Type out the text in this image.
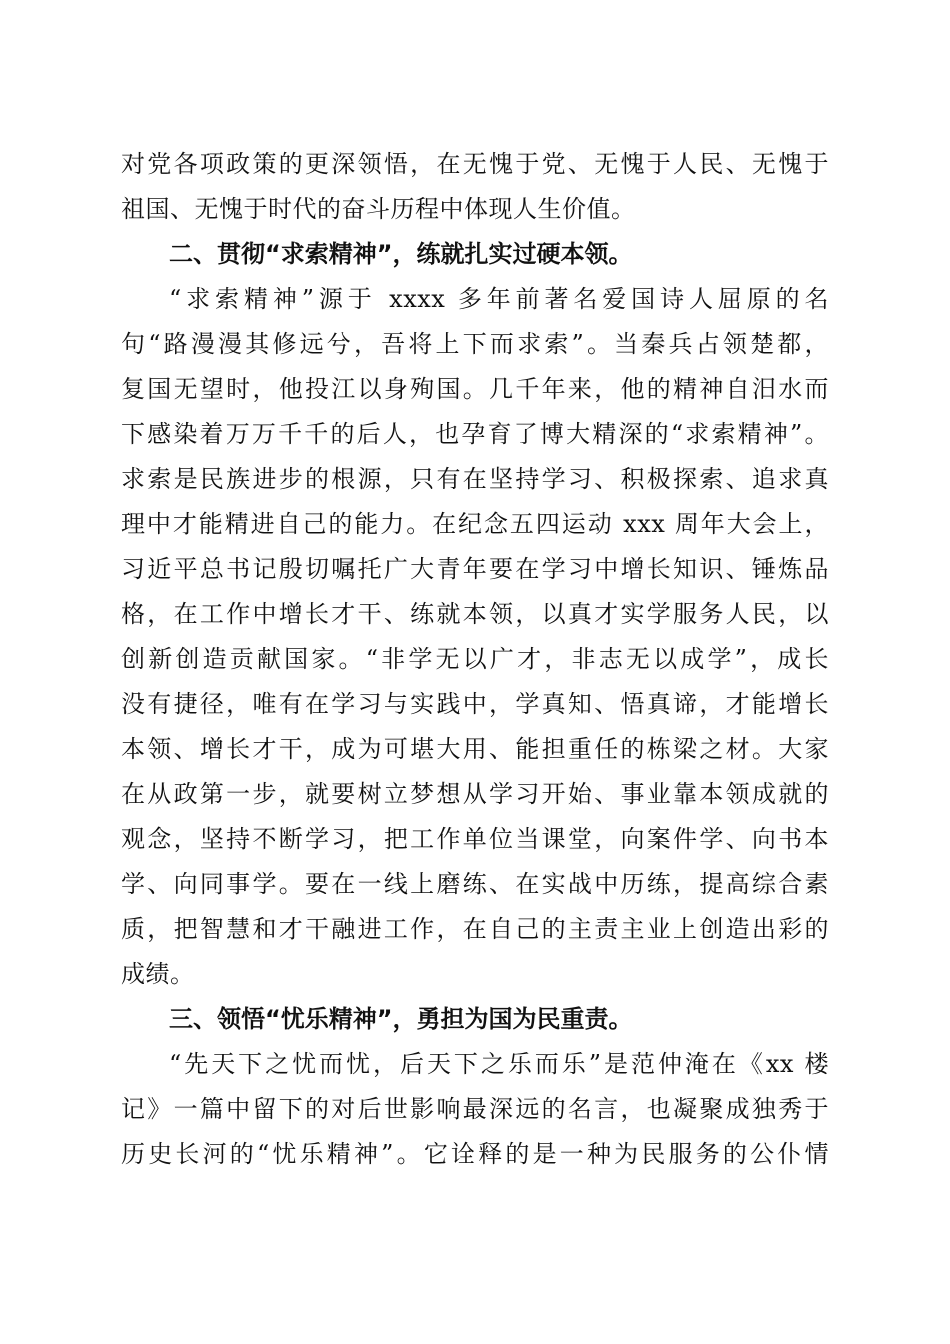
对党各项政策的更深领悟，在无愧于党、无愧于人民、无愧于
祖国、无愧于时代的奋斗历程中体现人生价值。
二、贯彻“求索精神”，练就扎实过硬本领。
“求索精神”源于 xxxx 多年前著名爱国诗人屈原的名
句“路漫漫其修远兮，吾将上下而求索”。当秦兵占领楚都，
复国无望时，他投江以身殉国。几千年来，他的精神自汨水而
下感染着万万千千的后人，也孕育了博大精深的“求索精神”。
求索是民族进步的根源，只有在坚持学习、积极探索、追求真
理中才能精进自己的能力。在纪念五四运动 xxx 周年大会上，
习近平总书记殷切嘱托广大青年要在学习中增长知识、锤炼品
格，在工作中增长才干、练就本领，以真才实学服务人民，以
创新创造贡献国家。“非学无以广才，非志无以成学”，成长
没有捷径，唯有在学习与实践中，学真知、悟真谛，才能增长
本领、增长才干，成为可堪大用、能担重任的栋梁之材。大家
在从政第一步，就要树立梦想从学习开始、事业靠本领成就的
观念，坚持不断学习，把工作单位当课堂，向案件学、向书本
学、向同事学。要在一线上磨练、在实战中历练，提高综合素
质，把智慧和才干融进工作，在自己的主责主业上创造出彩的
成绩。
三、领悟“忧乐精神”，勇担为国为民重责。
“先天下之忧而忧，后天下之乐而乐”是范仲淹在《xx 楼
记》一篇中留下的对后世影响最深远的名言，也凝聚成独秀于
历史长河的“忧乐精神”。它诠释的是一种为民服务的公仆情
